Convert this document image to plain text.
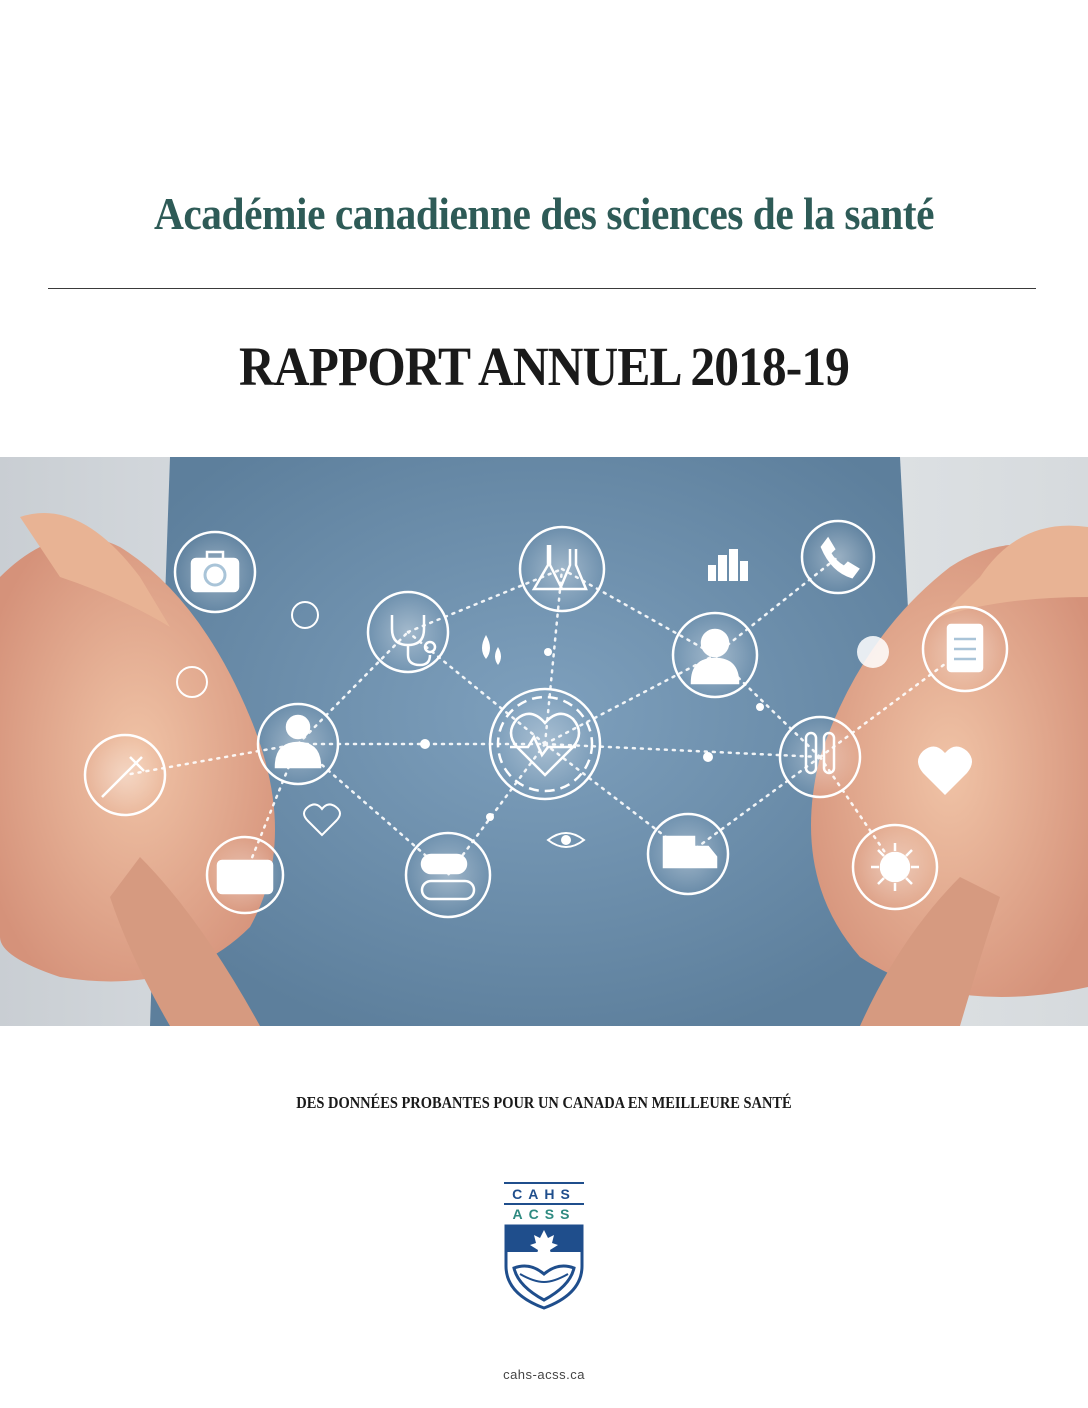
Académie canadienne des sciences de la santé
RAPPORT ANNUEL 2018-19
DES DONNÉES PROBANTES POUR UN CANADA EN MEILLEURE SANTÉ
CAHS
ACSS
cahs-acss.ca
